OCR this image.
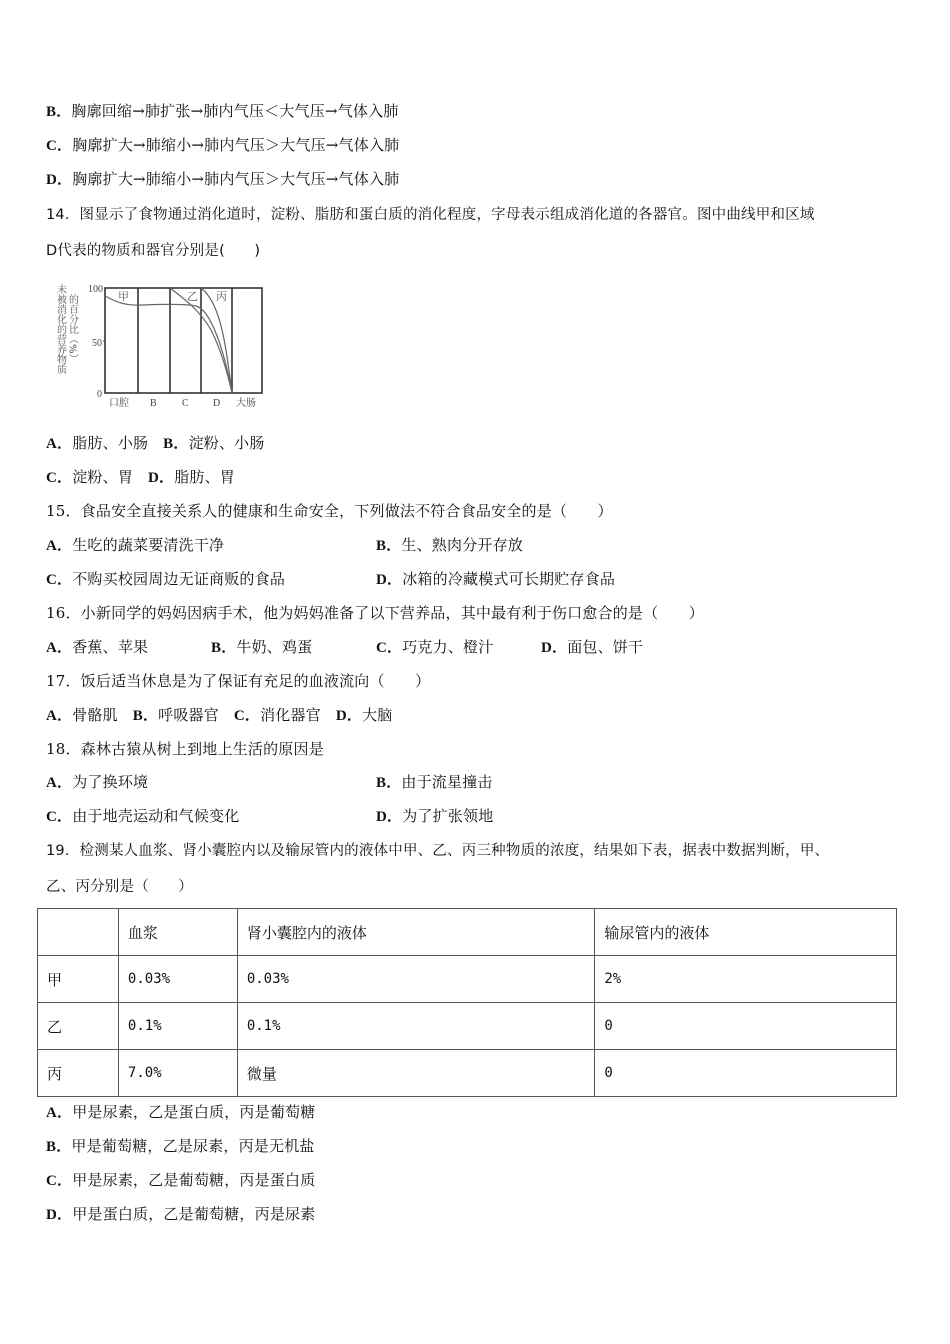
B．胸廓回缩→肺扩张→肺内气压＜大气压→气体入肺
C．胸廓扩大→肺缩小→肺内气压＞大气压→气体入肺
D．胸廓扩大→肺缩小→肺内气压＞大气压→气体入肺
14．图显示了食物通过消化道时，淀粉、脂肪和蛋白质的消化程度，字母表示组成消化道的各器官。图中曲线甲和区域
D代表的物质和器官分别是(　　)
未被消化的营养物质 的百分比（%）
100
50
0
甲	乙 丙
口腔 B	C D 大肠
A．脂肪、小肠 B．淀粉、小肠
C．淀粉、胃 D．脂肪、胃
15．食品安全直接关系人的健康和生命安全，下列做法不符合食品安全的是（　　）
A．生吃的蔬菜要清洗干净	B．生、熟肉分开存放
C．不购买校园周边无证商贩的食品	D．冰箱的冷藏模式可长期贮存食品
16．小新同学的妈妈因病手术，他为妈妈准备了以下营养品，其中最有利于伤口愈合的是（　　）
A．香蕉、苹果	B．牛奶、鸡蛋	C．巧克力、橙汁	D．面包、饼干
17．饭后适当休息是为了保证有充足的血液流向（　　）
A．骨骼肌 B．呼吸器官 C．消化器官 D．大脑
18．森林古猿从树上到地上生活的原因是
A．为了换环境	B．由于流星撞击
C．由于地壳运动和气候变化	D．为了扩张领地
19．检测某人血浆、肾小囊腔内以及输尿管内的液体中甲、乙、丙三种物质的浓度，结果如下表，据表中数据判断，甲、
乙、丙分别是（　　）
	血浆	肾小囊腔内的液体	输尿管内的液体
甲	0.03%	0.03%	2%
乙	0.1%	0.1%	0
丙	7.0%	微量	0
A．甲是尿素，乙是蛋白质，丙是葡萄糖
B．甲是葡萄糖，乙是尿素，丙是无机盐
C．甲是尿素，乙是葡萄糖，丙是蛋白质
D．甲是蛋白质，乙是葡萄糖，丙是尿素
